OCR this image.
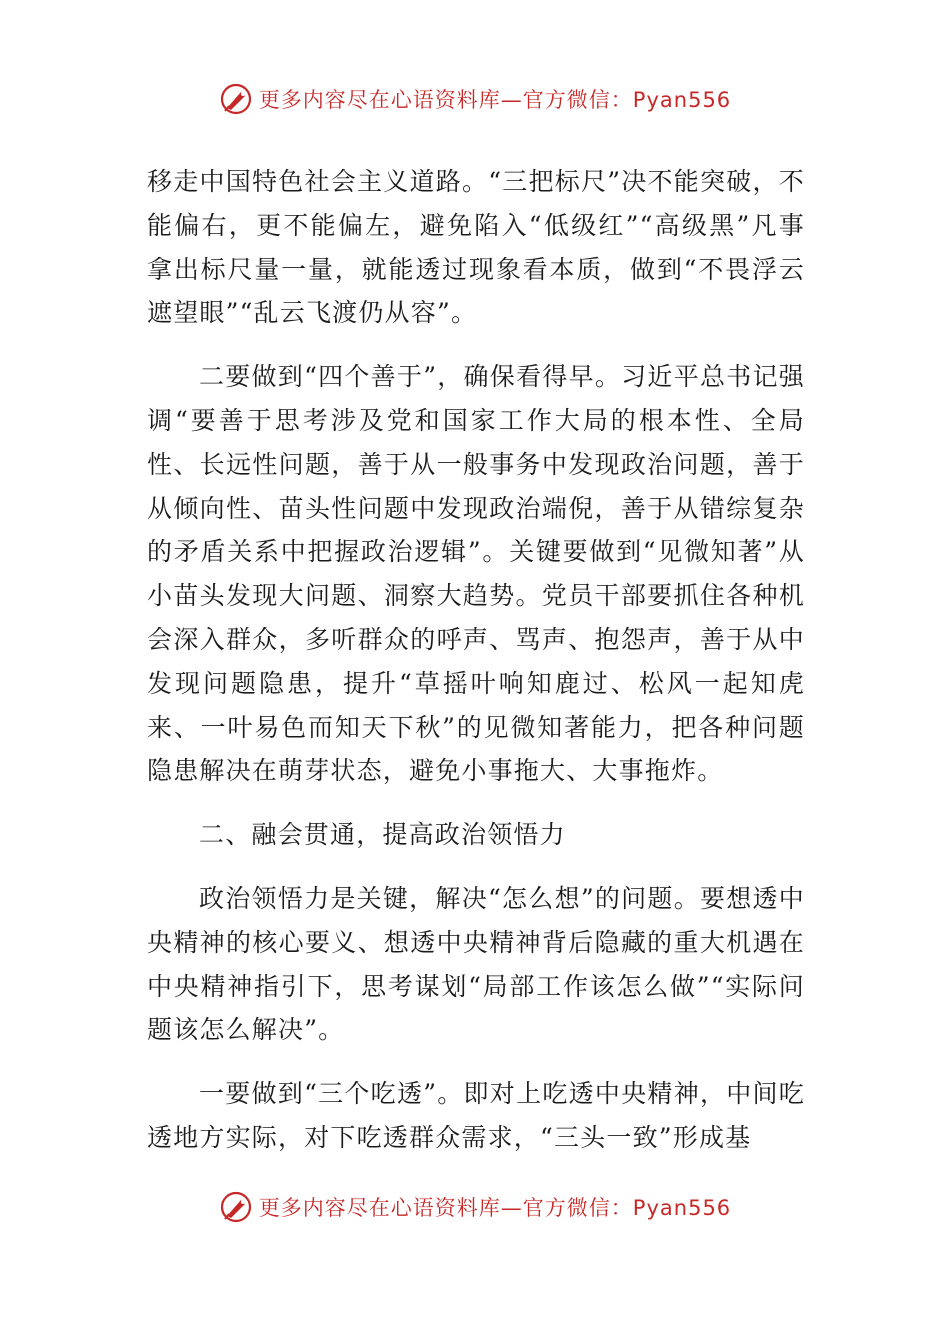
更多内容尽在心语资料库—官方微信：Pyan556

移走中国特色社会主义道路。“三把标尺”决不能突破，不能偏右，更不能偏左，避免陷入“低级红”“高级黑”凡事拿出标尺量一量，就能透过现象看本质，做到“不畏浮云遮望眼”“乱云飞渡仍从容”。

二要做到“四个善于”，确保看得早。习近平总书记强调“要善于思考涉及党和国家工作大局的根本性、全局性、长远性问题，善于从一般事务中发现政治问题，善于从倾向性、苗头性问题中发现政治端倪，善于从错综复杂的矛盾关系中把握政治逻辑”。关键要做到“见微知著”从小苗头发现大问题、洞察大趋势。党员干部要抓住各种机会深入群众，多听群众的呼声、骂声、抱怨声，善于从中发现问题隐患，提升“草摇叶响知鹿过、松风一起知虎来、一叶易色而知天下秋”的见微知著能力，把各种问题隐患解决在萌芽状态，避免小事拖大、大事拖炸。

二、融会贯通，提高政治领悟力

政治领悟力是关键，解决“怎么想”的问题。要想透中央精神的核心要义、想透中央精神背后隐藏的重大机遇在中央精神指引下，思考谋划“局部工作该怎么做”“实际问题该怎么解决”。

一要做到“三个吃透”。即对上吃透中央精神，中间吃透地方实际，对下吃透群众需求，“三头一致”形成基

更多内容尽在心语资料库—官方微信：Pyan556
